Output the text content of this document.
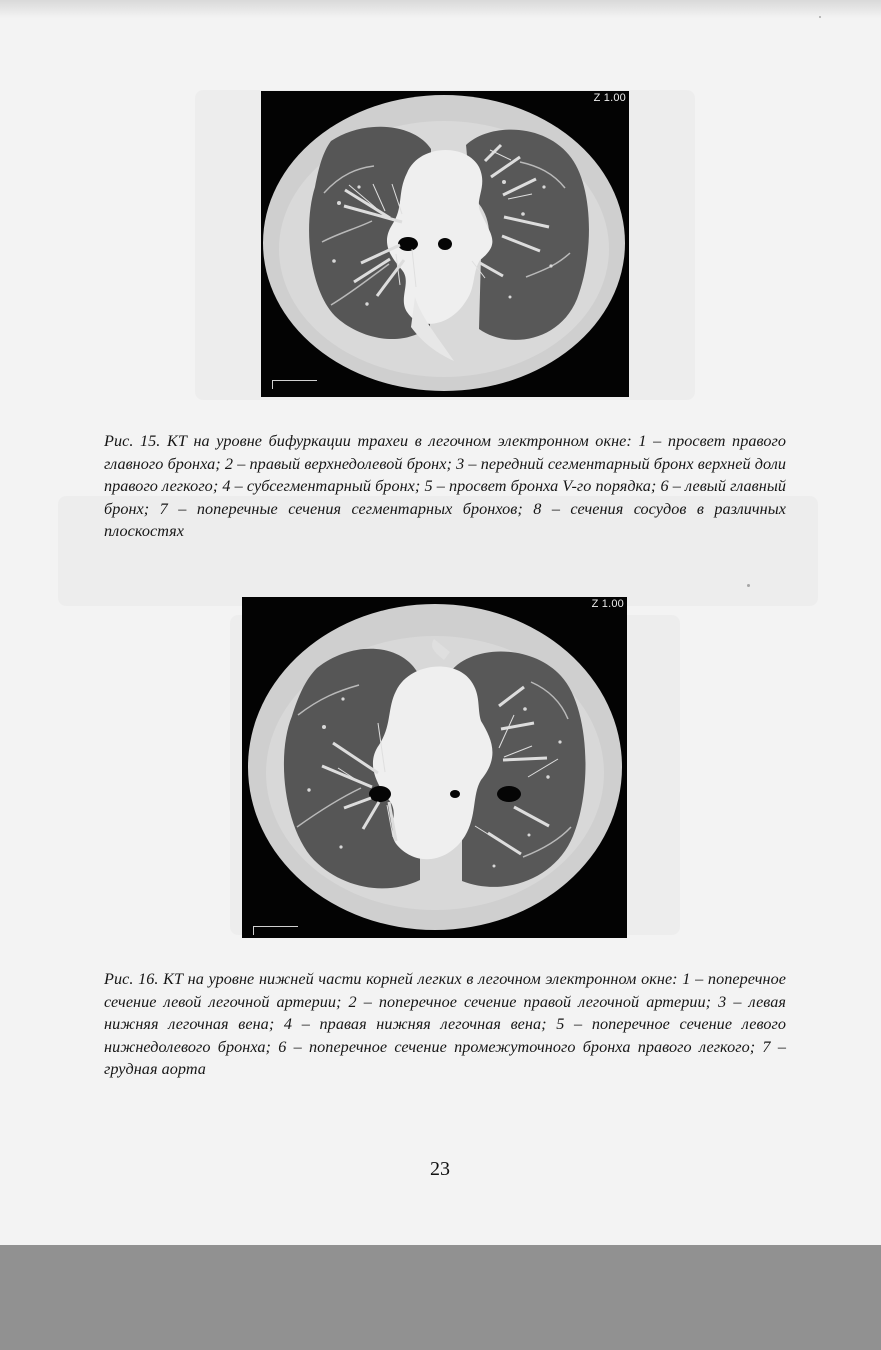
Z 1.00
Рис. 15. КТ на уровне бифуркации трахеи в легочном электронном окне: 1 – просвет правого главного бронха; 2 – правый верхнедолевой бронх; 3 – передний сегментарный бронх верхней доли правого легкого; 4 – субсегментарный бронх; 5 – просвет бронха V-го порядка; 6 – левый главный бронх; 7 – поперечные сечения сегментарных бронхов; 8 – сечения сосудов в различных плоскостях
Z 1.00
Рис. 16. КТ на уровне нижней части корней легких в легочном электронном окне: 1 – поперечное сечение левой легочной артерии; 2 – поперечное сечение правой легочной артерии; 3 – левая нижняя легочная вена; 4 – правая нижняя легочная вена; 5 – поперечное сечение левого нижнедолевого бронха; 6 – поперечное сечение промежуточного бронха правого легкого; 7 – грудная аорта
23
